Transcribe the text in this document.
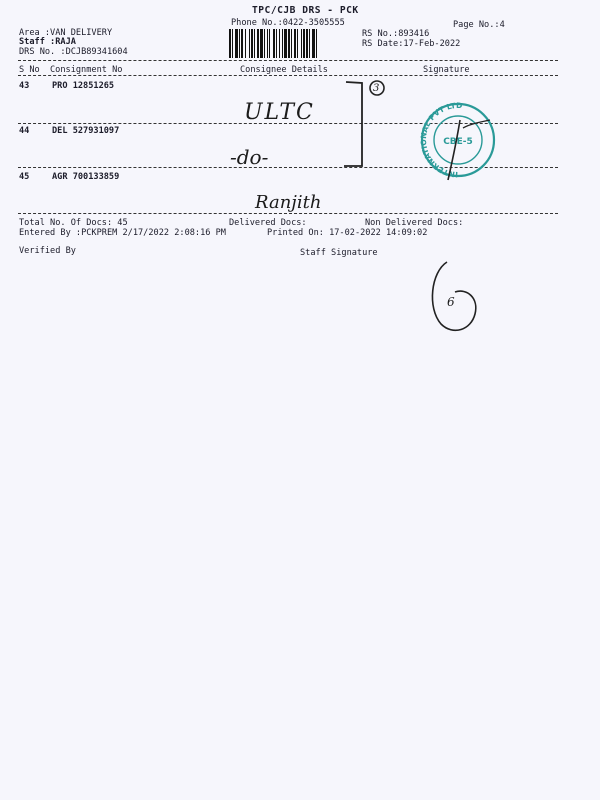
TPC/CJB DRS - PCK
Phone No.:0422-3505555	Page No.:4
Area :VAN DELIVERY
Staff :RAJA
DRS No. :DCJB89341604
RS No.:893416
RS Date:17-Feb-2022
S No Consignment No	Consignee Details	Signature
43	PRO 12851265
44	DEL 527931097
45	AGR 700133859
ULTC
-do-
Ranjith
3
INTERNATIONAL PVT LTD
CBE-5
Total No. Of Docs: 45	Delivered Docs:	Non Delivered Docs:
Entered By :PCKPREM 2/17/2022 2:08:16 PM	Printed On: 17-02-2022 14:09:02
Verified By	Staff Signature
6
